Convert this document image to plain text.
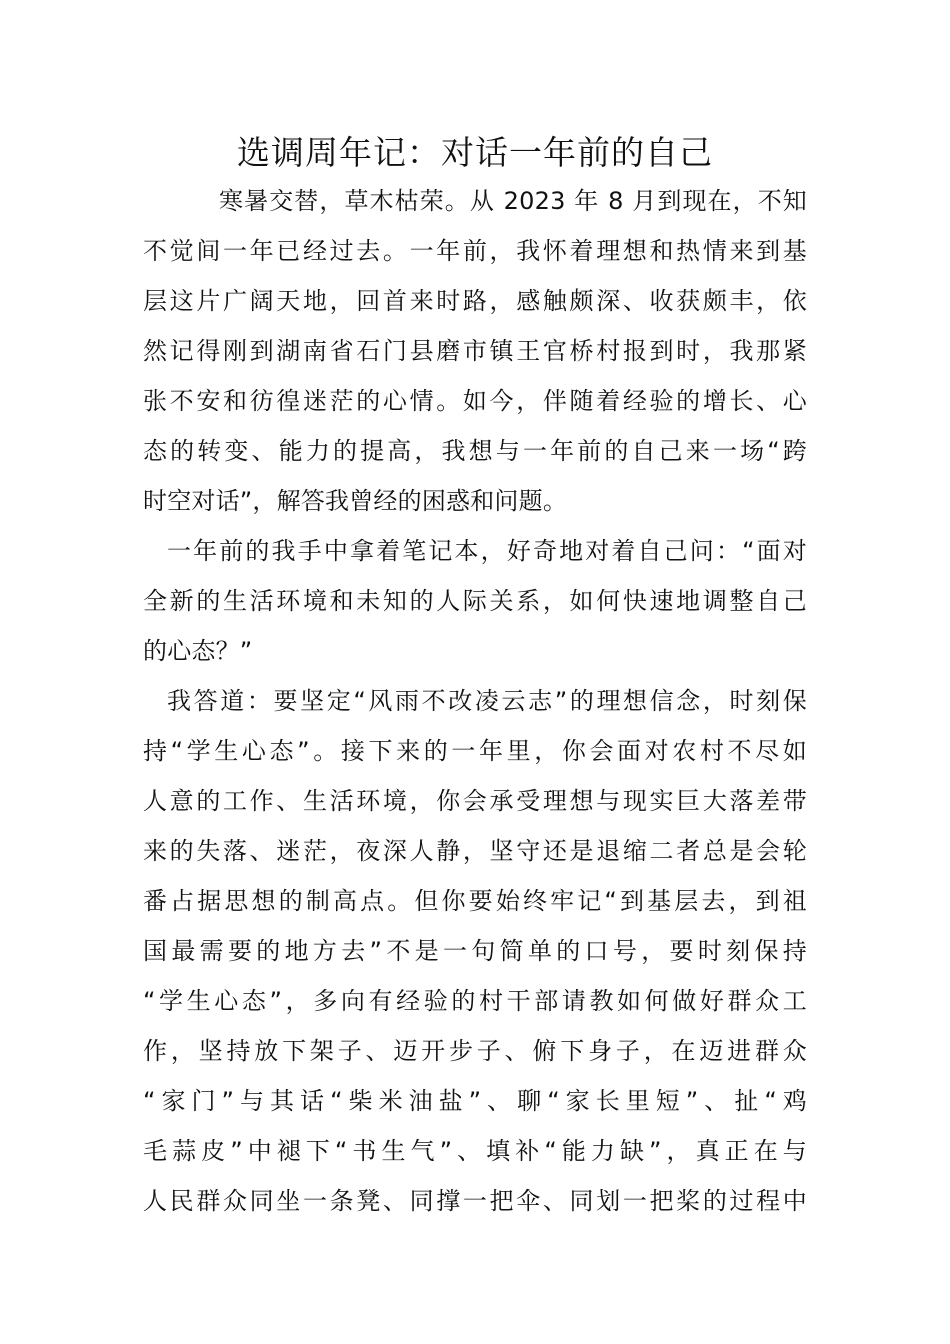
选调周年记：对话一年前的自己
寒暑交替，草木枯荣。从 2023 年 8 月到现在，不知
不觉间一年已经过去。一年前，我怀着理想和热情来到基
层这片广阔天地，回首来时路，感触颇深、收获颇丰，依
然记得刚到湖南省石门县磨市镇王官桥村报到时，我那紧
张不安和彷徨迷茫的心情。如今，伴随着经验的增长、心
态的转变、能力的提高，我想与一年前的自己来一场“跨
时空对话”，解答我曾经的困惑和问题。
一年前的我手中拿着笔记本，好奇地对着自己问：“面对
全新的生活环境和未知的人际关系，如何快速地调整自己
的心态？”
我答道：要坚定“风雨不改凌云志”的理想信念，时刻保
持“学生心态”。接下来的一年里，你会面对农村不尽如
人意的工作、生活环境，你会承受理想与现实巨大落差带
来的失落、迷茫，夜深人静，坚守还是退缩二者总是会轮
番占据思想的制高点。但你要始终牢记“到基层去，到祖
国最需要的地方去”不是一句简单的口号，要时刻保持
“学生心态”，多向有经验的村干部请教如何做好群众工
作，坚持放下架子、迈开步子、俯下身子，在迈进群众
“家门”与其话“柴米油盐”、聊“家长里短”、扯“鸡
毛蒜皮”中褪下“书生气”、填补“能力缺”，真正在与
人民群众同坐一条凳、同撑一把伞、同划一把桨的过程中
